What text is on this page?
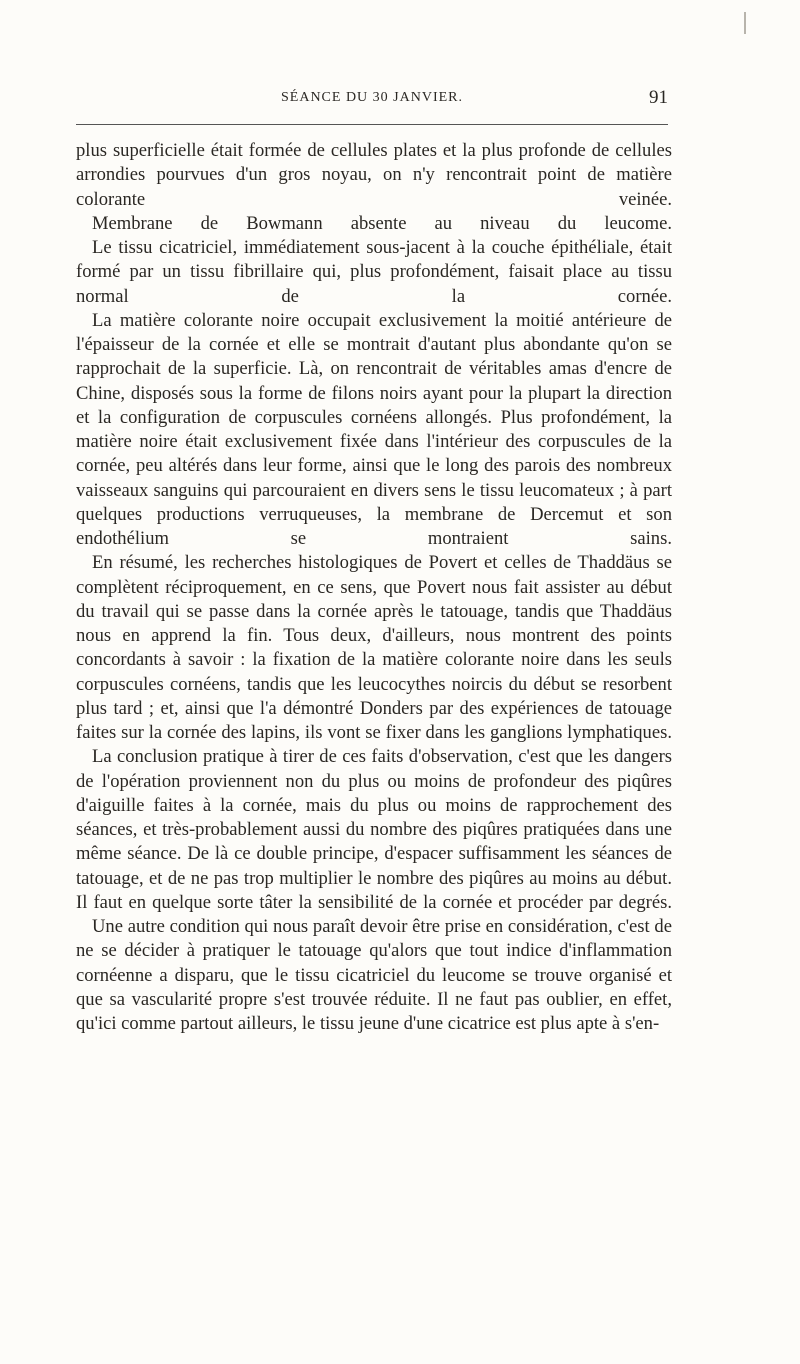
SÉANCE DU 30 JANVIER.	91

plus superficielle était formée de cellules plates et la plus profonde de cellules arrondies pourvues d'un gros noyau, on n'y rencontrait point de matière colorante veinée.

Membrane de Bowmann absente au niveau du leucome.

Le tissu cicatriciel, immédiatement sous-jacent à la couche épithéliale, était formé par un tissu fibrillaire qui, plus profondément, faisait place au tissu normal de la cornée.

La matière colorante noire occupait exclusivement la moitié antérieure de l'épaisseur de la cornée et elle se montrait d'autant plus abondante qu'on se rapprochait de la superficie. Là, on rencontrait de véritables amas d'encre de Chine, disposés sous la forme de filons noirs ayant pour la plupart la direction et la configuration de corpuscules cornéens allongés. Plus profondément, la matière noire était exclusivement fixée dans l'intérieur des corpuscules de la cornée, peu altérés dans leur forme, ainsi que le long des parois des nombreux vaisseaux sanguins qui parcouraient en divers sens le tissu leucomateux ; à part quelques productions verruqueuses, la membrane de Dercemut et son endothélium se montraient sains.

En résumé, les recherches histologiques de Povert et celles de Thaddäus se complètent réciproquement, en ce sens, que Povert nous fait assister au début du travail qui se passe dans la cornée après le tatouage, tandis que Thaddäus nous en apprend la fin. Tous deux, d'ailleurs, nous montrent des points concordants à savoir : la fixation de la matière colorante noire dans les seuls corpuscules cornéens, tandis que les leucocythes noircis du début se resorbent plus tard ; et, ainsi que l'a démontré Donders par des expériences de tatouage faites sur la cornée des lapins, ils vont se fixer dans les ganglions lymphatiques.

La conclusion pratique à tirer de ces faits d'observation, c'est que les dangers de l'opération proviennent non du plus ou moins de profondeur des piqûres d'aiguille faites à la cornée, mais du plus ou moins de rapprochement des séances, et très-probablement aussi du nombre des piqûres pratiquées dans une même séance. De là ce double principe, d'espacer suffisamment les séances de tatouage, et de ne pas trop multiplier le nombre des piqûres au moins au début. Il faut en quelque sorte tâter la sensibilité de la cornée et procéder par degrés.

Une autre condition qui nous paraît devoir être prise en considération, c'est de ne se décider à pratiquer le tatouage qu'alors que tout indice d'inflammation cornéenne a disparu, que le tissu cicatriciel du leucome se trouve organisé et que sa vascularité propre s'est trouvée réduite. Il ne faut pas oublier, en effet, qu'ici comme partout ailleurs, le tissu jeune d'une cicatrice est plus apte à s'en-
